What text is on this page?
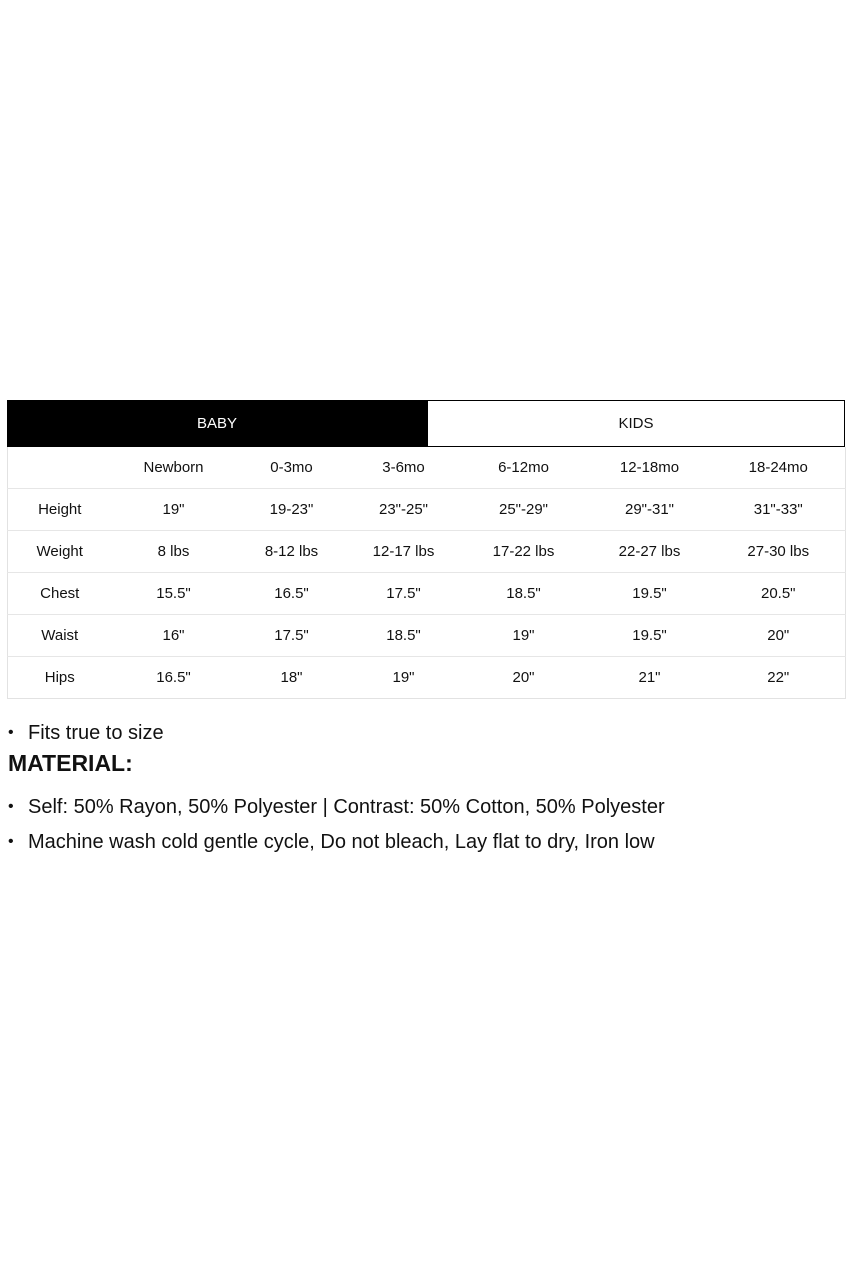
BABY	KIDS
	Newborn	0-3mo	3-6mo	6-12mo	12-18mo	18-24mo
Height	19"	19-23"	23"-25"	25"-29"	29"-31"	31"-33"
Weight	8 lbs	8-12 lbs	12-17 lbs	17-22 lbs	22-27 lbs	27-30 lbs
Chest	15.5"	16.5"	17.5"	18.5"	19.5"	20.5"
Waist	16"	17.5"	18.5"	19"	19.5"	20"
Hips	16.5"	18"	19"	20"	21"	22"
• Fits true to size
MATERIAL:
• Self: 50% Rayon, 50% Polyester | Contrast: 50% Cotton, 50% Polyester
• Machine wash cold gentle cycle, Do not bleach, Lay flat to dry, Iron low
